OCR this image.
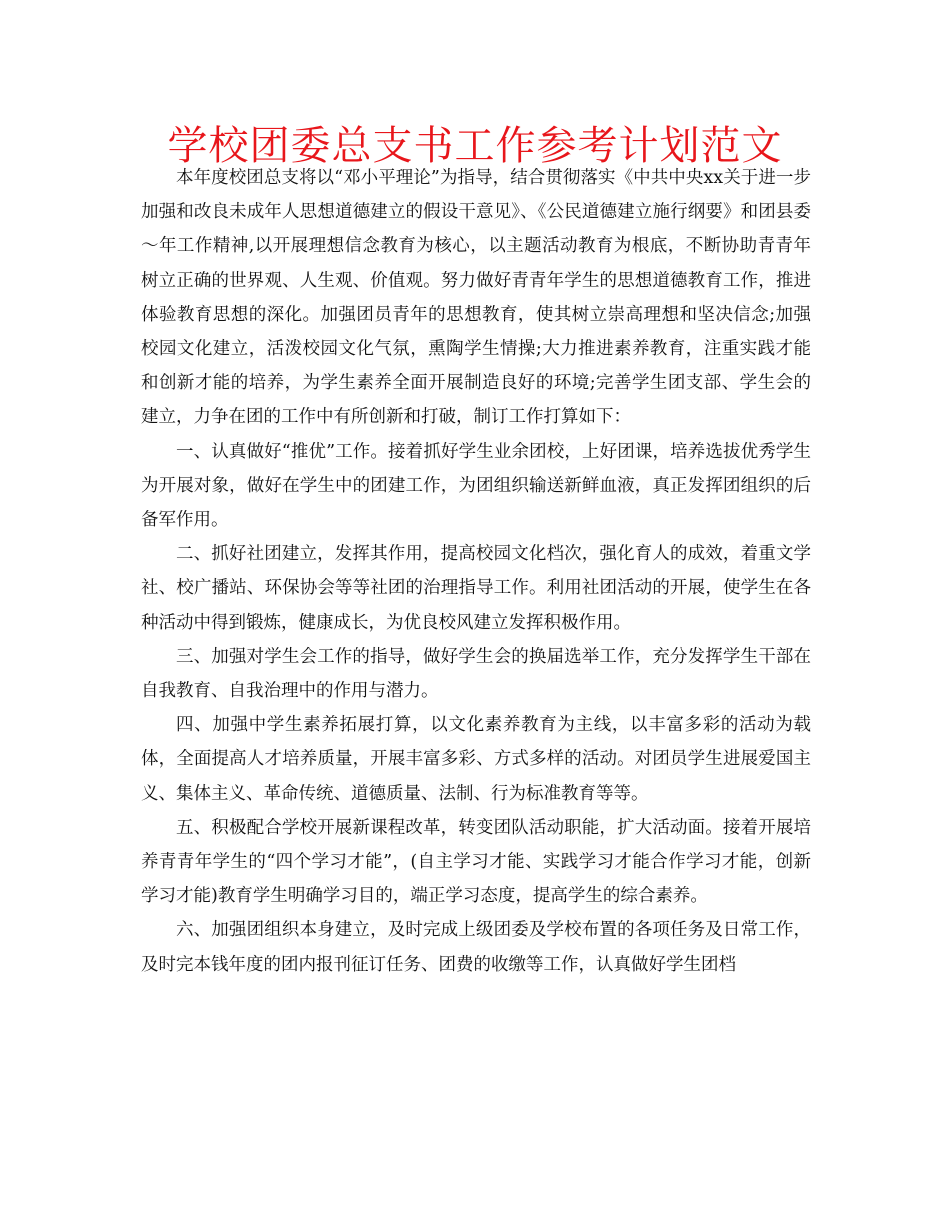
学校团委总支书工作参考计划范文

本年度校团总支将以“邓小平理论”为指导，结合贯彻落实《中共中央xx关于进一步加强和改良未成年人思想道德建立的假设干意见》、《公民道德建立施行纲要》和团县委～年工作精神,以开展理想信念教育为核心，以主题活动教育为根底，不断协助青青年树立正确的世界观、人生观、价值观。努力做好青青年学生的思想道德教育工作，推进体验教育思想的深化。加强团员青年的思想教育，使其树立崇高理想和坚决信念;加强校园文化建立，活泼校园文化气氛，熏陶学生情操;大力推进素养教育，注重实践才能和创新才能的培养，为学生素养全面开展制造良好的环境;完善学生团支部、学生会的建立，力争在团的工作中有所创新和打破，制订工作打算如下：

一、认真做好“推优”工作。接着抓好学生业余团校，上好团课，培养选拔优秀学生为开展对象，做好在学生中的团建工作，为团组织输送新鲜血液，真正发挥团组织的后备军作用。

二、抓好社团建立，发挥其作用，提高校园文化档次，强化育人的成效，着重文学社、校广播站、环保协会等等社团的治理指导工作。利用社团活动的开展，使学生在各种活动中得到锻炼，健康成长，为优良校风建立发挥积极作用。

三、加强对学生会工作的指导，做好学生会的换届选举工作，充分发挥学生干部在自我教育、自我治理中的作用与潜力。

四、加强中学生素养拓展打算，以文化素养教育为主线，以丰富多彩的活动为载体，全面提高人才培养质量，开展丰富多彩、方式多样的活动。对团员学生进展爱国主义、集体主义、革命传统、道德质量、法制、行为标准教育等等。

五、积极配合学校开展新课程改革，转变团队活动职能，扩大活动面。接着开展培养青青年学生的“四个学习才能”，(自主学习才能、实践学习才能合作学习才能，创新学习才能)教育学生明确学习目的，端正学习态度，提高学生的综合素养。

六、加强团组织本身建立，及时完成上级团委及学校布置的各项任务及日常工作，及时完本钱年度的团内报刊征订任务、团费的收缴等工作，认真做好学生团档
